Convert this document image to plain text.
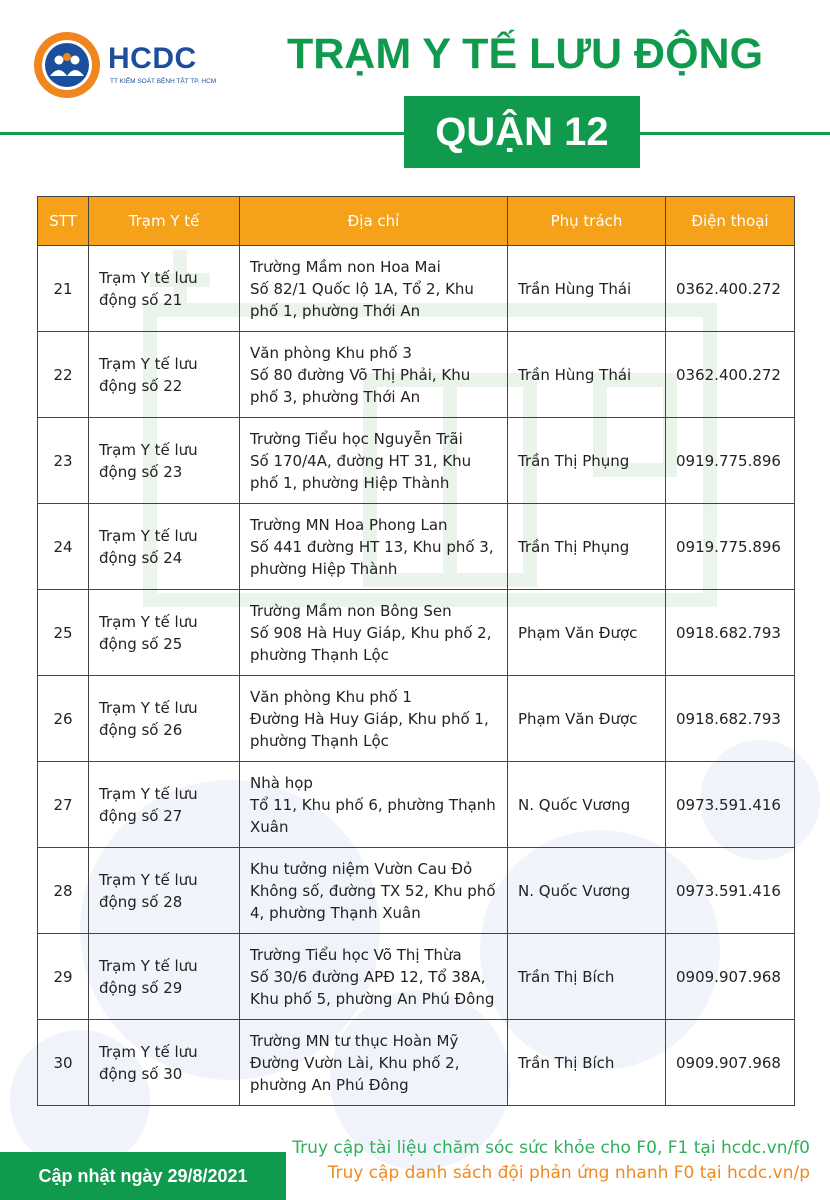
HCDC
TT KIỂM SOÁT BỆNH TẬT TP. HCM
TRẠM Y TẾ LƯU ĐỘNG
QUẬN 12
STT	Trạm Y tế	Địa chỉ	Phụ trách	Điện thoại
21	Trạm Y tế lưu
động số 21	Trường Mầm non Hoa Mai
Số 82/1 Quốc lộ 1A, Tổ 2, Khu
phố 1, phường Thới An	Trần Hùng Thái	0362.400.272
22	Trạm Y tế lưu
động số 22	Văn phòng Khu phố 3
Số 80 đường Võ Thị Phải, Khu
phố 3, phường Thới An	Trần Hùng Thái	0362.400.272
23	Trạm Y tế lưu
động số 23	Trường Tiểu học Nguyễn Trãi
Số 170/4A, đường HT 31, Khu
phố 1, phường Hiệp Thành	Trần Thị Phụng	0919.775.896
24	Trạm Y tế lưu
động số 24	Trường MN Hoa Phong Lan
Số 441 đường HT 13, Khu phố 3,
phường Hiệp Thành	Trần Thị Phụng	0919.775.896
25	Trạm Y tế lưu
động số 25	Trường Mầm non Bông Sen
Số 908 Hà Huy Giáp, Khu phố 2,
phường Thạnh Lộc	Phạm Văn Được	0918.682.793
26	Trạm Y tế lưu
động số 26	Văn phòng Khu phố 1
Đường Hà Huy Giáp, Khu phố 1,
phường Thạnh Lộc	Phạm Văn Được	0918.682.793
27	Trạm Y tế lưu
động số 27	Nhà họp
Tổ 11, Khu phố 6, phường Thạnh
Xuân	N. Quốc Vương	0973.591.416
28	Trạm Y tế lưu
động số 28	Khu tưởng niệm Vườn Cau Đỏ
Không số, đường TX 52, Khu phố
4, phường Thạnh Xuân	N. Quốc Vương	0973.591.416
29	Trạm Y tế lưu
động số 29	Trường Tiểu học Võ Thị Thừa
Số 30/6 đường APĐ 12, Tổ 38A,
Khu phố 5, phường An Phú Đông	Trần Thị Bích	0909.907.968
30	Trạm Y tế lưu
động số 30	Trường MN tư thục Hoàn Mỹ
Đường Vườn Lài, Khu phố 2,
phường An Phú Đông	Trần Thị Bích	0909.907.968
Cập nhật ngày 29/8/2021
Truy cập tài liệu chăm sóc sức khỏe cho F0, F1 tại hcdc.vn/f0
Truy cập danh sách đội phản ứng nhanh F0 tại hcdc.vn/p
